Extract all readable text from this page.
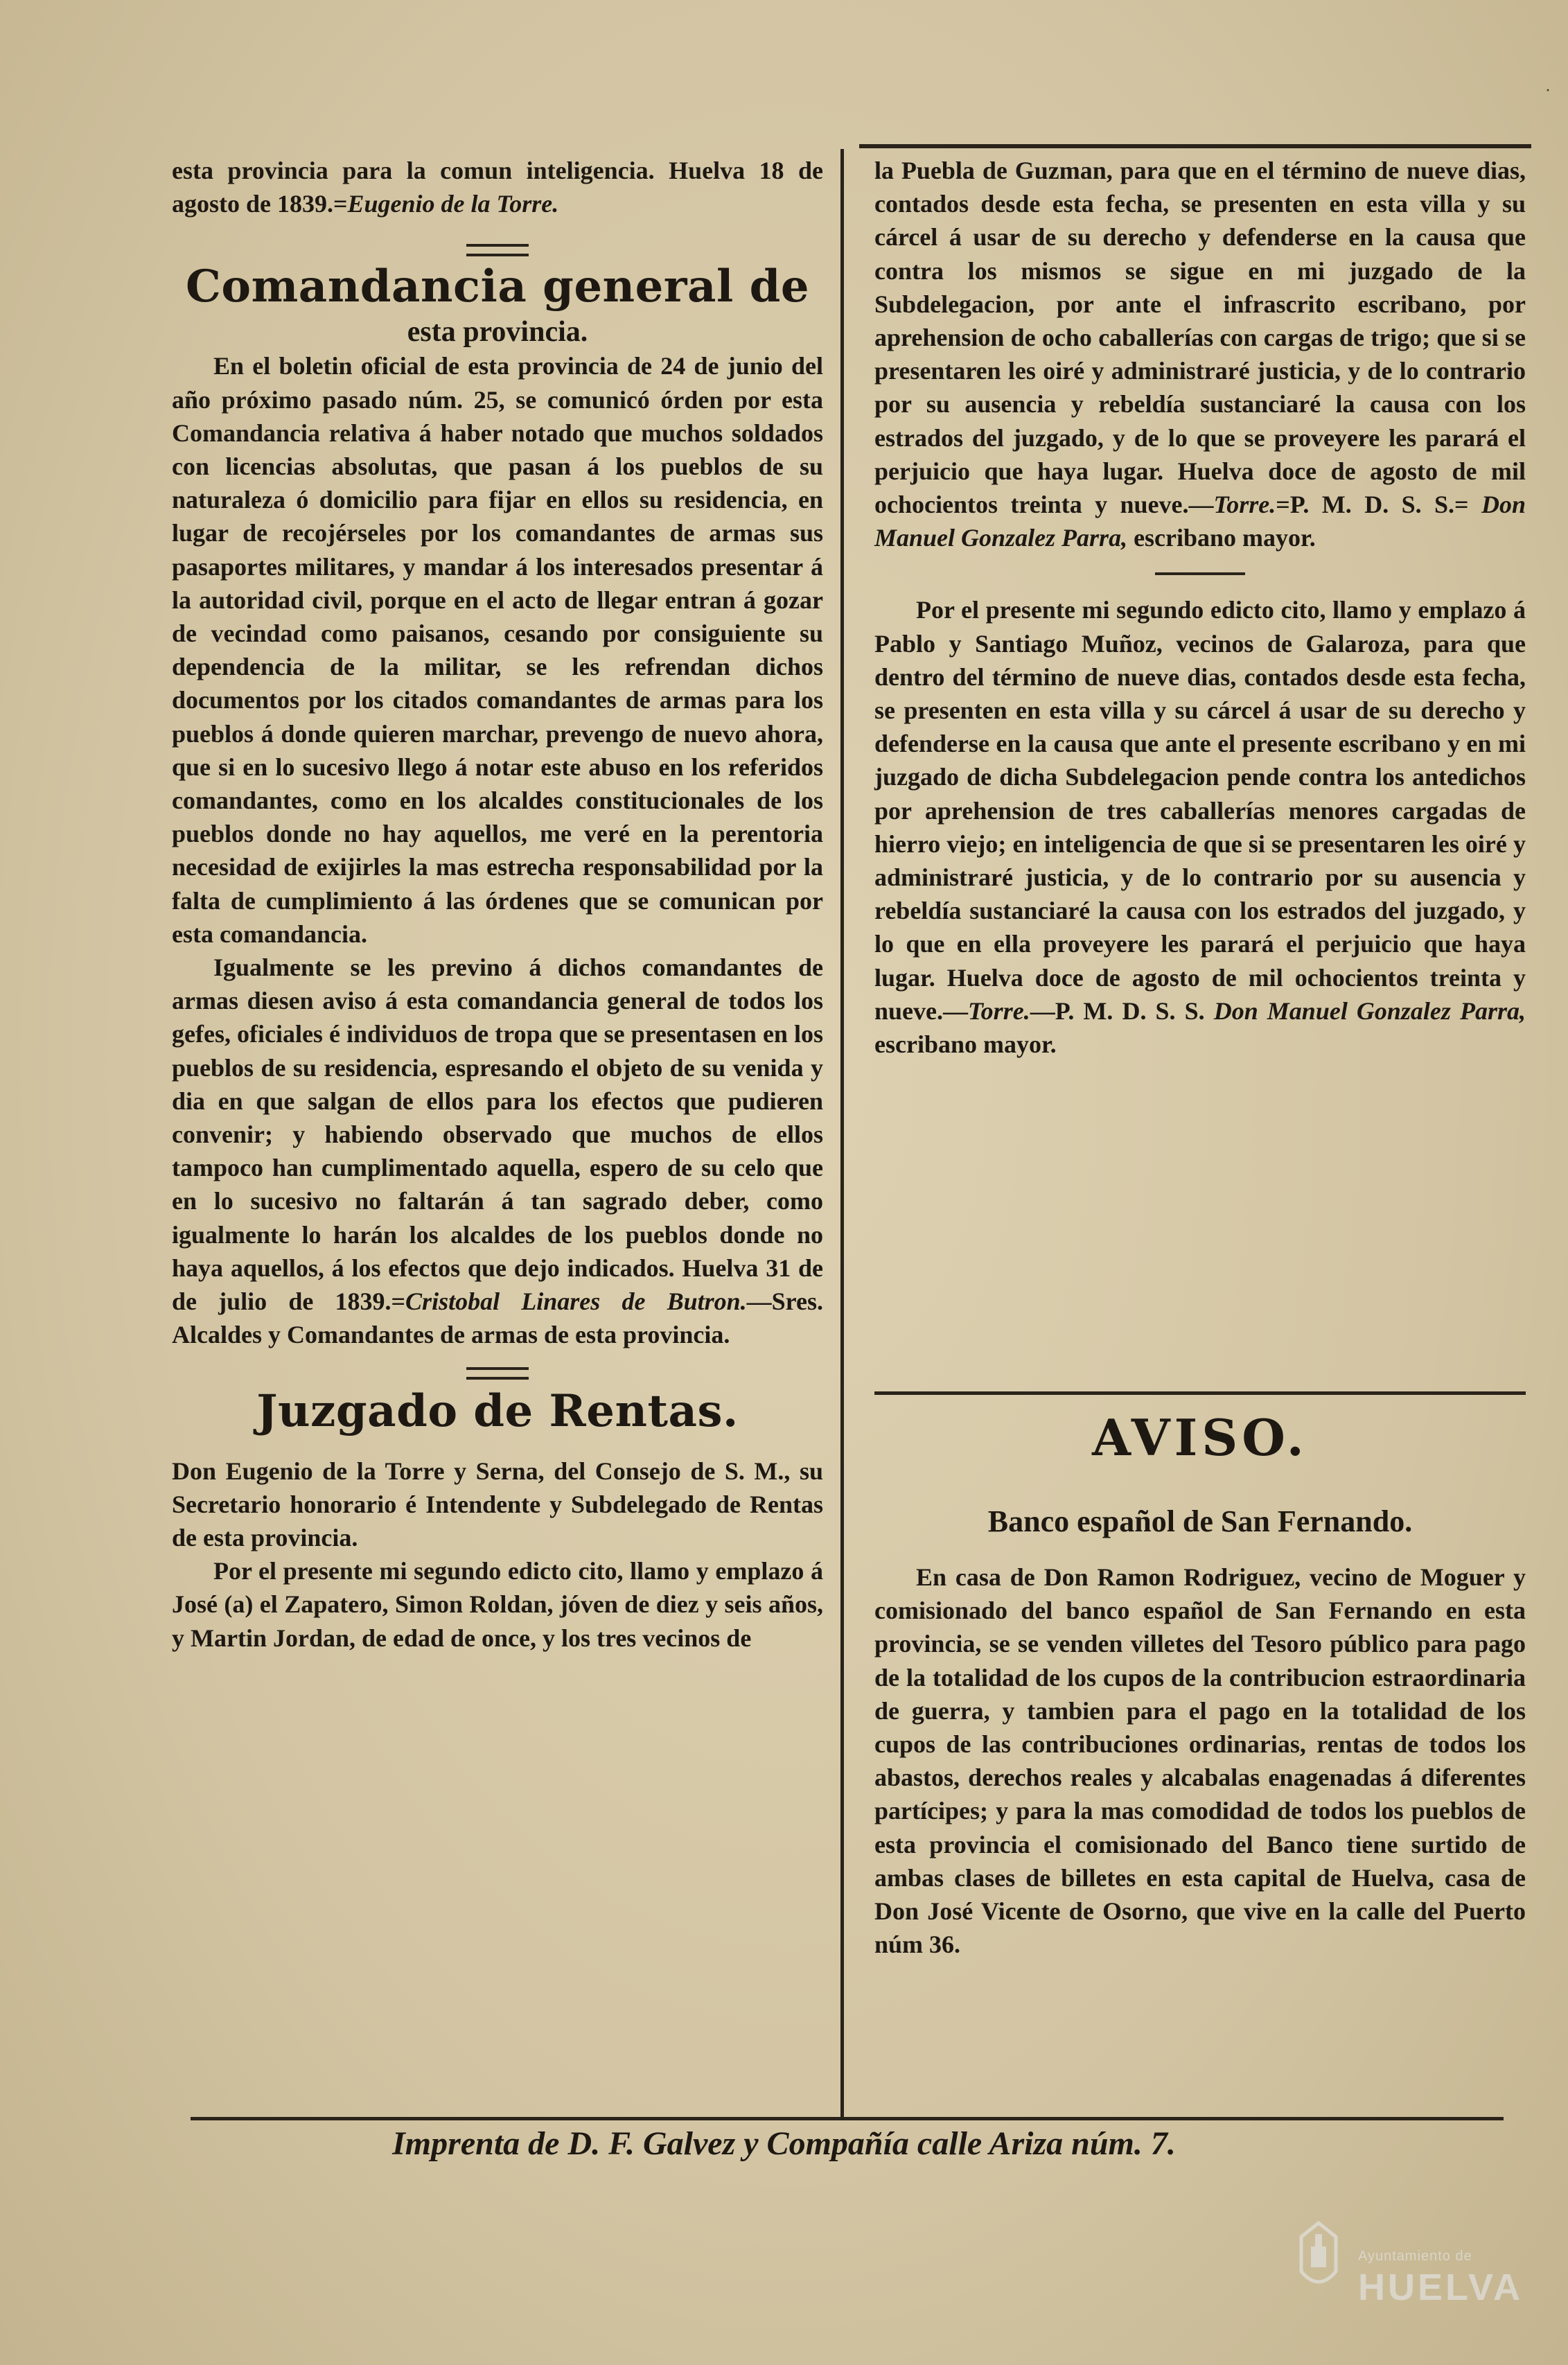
·

esta provincia para la comun inteligencia. Huelva 18 de agosto de 1839.=Eugenio de la Torre.

Comandancia general de
esta provincia.

En el boletin oficial de esta provincia de 24 de junio del año próximo pasado núm. 25, se comunicó órden por esta Comandancia relativa á haber notado que muchos soldados con licencias absolutas, que pasan á los pueblos de su naturaleza ó domicilio para fijar en ellos su residencia, en lugar de recojérseles por los comandantes de armas sus pasaportes militares, y mandar á los interesados presentar á la autoridad civil, porque en el acto de llegar entran á gozar de vecindad como paisanos, cesando por consiguiente su dependencia de la militar, se les refrendan dichos documentos por los citados comandantes de armas para los pueblos á donde quieren marchar, prevengo de nuevo ahora, que si en lo sucesivo llego á notar este abuso en los referidos comandantes, como en los alcaldes constitucionales de los pueblos donde no hay aquellos, me veré en la perentoria necesidad de exijirles la mas estrecha responsabilidad por la falta de cumplimiento á las órdenes que se comunican por esta comandancia.

Igualmente se les previno á dichos comandantes de armas diesen aviso á esta comandancia general de todos los gefes, oficiales é individuos de tropa que se presentasen en los pueblos de su residencia, espresando el objeto de su venida y dia en que salgan de ellos para los efectos que pudieren convenir; y habiendo observado que muchos de ellos tampoco han cumplimentado aquella, espero de su celo que en lo sucesivo no faltarán á tan sagrado deber, como igualmente lo harán los alcaldes de los pueblos donde no haya aquellos, á los efectos que dejo indicados. Huelva 31 de de julio de 1839.=Cristobal Linares de Butron.—Sres. Alcaldes y Comandantes de armas de esta provincia.

Juzgado de Rentas.

Don Eugenio de la Torre y Serna, del Consejo de S. M., su Secretario honorario é Intendente y Subdelegado de Rentas de esta provincia.

Por el presente mi segundo edicto cito, llamo y emplazo á José (a) el Zapatero, Simon Roldan, jóven de diez y seis años, y Martin Jordan, de edad de once, y los tres vecinos de

la Puebla de Guzman, para que en el término de nueve dias, contados desde esta fecha, se presenten en esta villa y su cárcel á usar de su derecho y defenderse en la causa que contra los mismos se sigue en mi juzgado de la Subdelegacion, por ante el infrascrito escribano, por aprehension de ocho caballerías con cargas de trigo; que si se presentaren les oiré y administraré justicia, y de lo contrario por su ausencia y rebeldía sustanciaré la causa con los estrados del juzgado, y de lo que se proveyere les parará el perjuicio que haya lugar. Huelva doce de agosto de mil ochocientos treinta y nueve.—Torre.=P. M. D. S. S.= Don Manuel Gonzalez Parra, escribano mayor.

Por el presente mi segundo edicto cito, llamo y emplazo á Pablo y Santiago Muñoz, vecinos de Galaroza, para que dentro del término de nueve dias, contados desde esta fecha, se presenten en esta villa y su cárcel á usar de su derecho y defenderse en la causa que ante el presente escribano y en mi juzgado de dicha Subdelegacion pende contra los antedichos por aprehension de tres caballerías menores cargadas de hierro viejo; en inteligencia de que si se presentaren les oiré y administraré justicia, y de lo contrario por su ausencia y rebeldía sustanciaré la causa con los estrados del juzgado, y lo que en ella proveyere les parará el perjuicio que haya lugar. Huelva doce de agosto de mil ochocientos treinta y nueve.—Torre.—P. M. D. S. S. Don Manuel Gonzalez Parra, escribano mayor.

AVISO.
Banco español de San Fernando.

En casa de Don Ramon Rodriguez, vecino de Moguer y comisionado del banco español de San Fernando en esta provincia, se se venden villetes del Tesoro público para pago de la totalidad de los cupos de la contribucion estraordinaria de guerra, y tambien para el pago en la totalidad de los cupos de las contribuciones ordinarias, rentas de todos los abastos, derechos reales y alcabalas enagenadas á diferentes partícipes; y para la mas comodidad de todos los pueblos de esta provincia el comisionado del Banco tiene surtido de ambas clases de billetes en esta capital de Huelva, casa de Don José Vicente de Osorno, que vive en la calle del Puerto núm 36.

Imprenta de D. F. Galvez y Compañía calle Ariza núm. 7.
Ayuntamiento de
HUELVA
